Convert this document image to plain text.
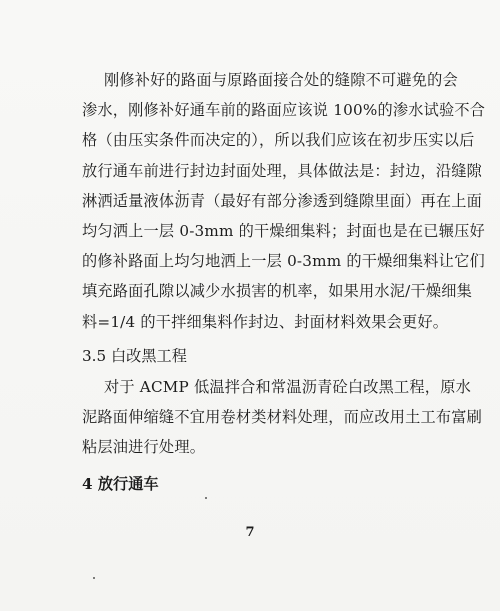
刚修补好的路面与原路面接合处的缝隙不可避免的会
渗水，刚修补好通车前的路面应该说 100%的渗水试验不合
格（由压实条件而决定的），所以我们应该在初步压实以后
放行通车前进行封边封面处理，具体做法是：封边，沿缝隙
淋洒适量液体沥青（最好有部分渗透到缝隙里面）再在上面
均匀洒上一层 0-3mm 的干燥细集料；封面也是在已辗压好
的修补路面上均匀地洒上一层 0-3mm 的干燥细集料让它们
填充路面孔隙以减少水损害的机率，如果用水泥/干燥细集
料=1/4 的干拌细集料作封边、封面材料效果会更好。

3.5 白改黑工程

对于 ACMP 低温拌合和常温沥青砼白改黑工程，原水
泥路面伸缩缝不宜用卷材类材料处理，而应改用土工布富刷
粘层油进行处理。

4 放行通车

7
